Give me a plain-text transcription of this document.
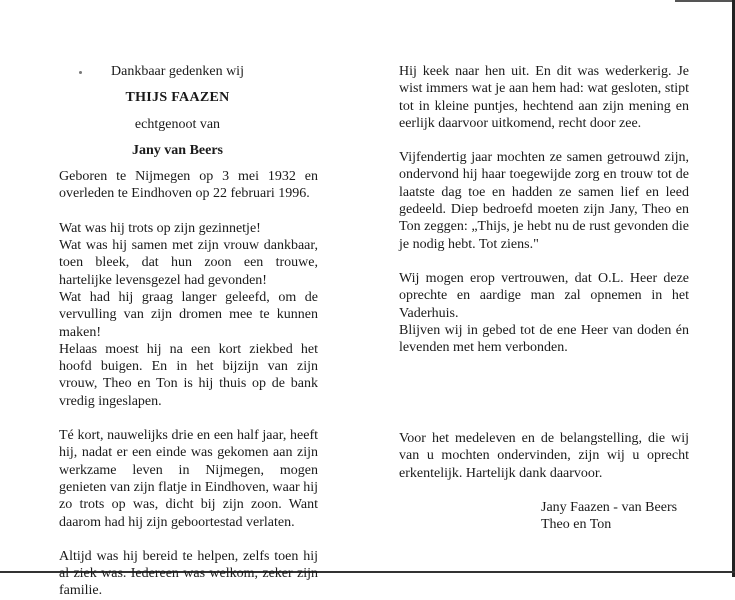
Dankbaar gedenken wij

THIJS FAAZEN

echtgenoot van

Jany van Beers

Geboren te Nijmegen op 3 mei 1932 en overleden te Eindhoven op 22 februari 1996.

Wat was hij trots op zijn gezinnetje!

Wat was hij samen met zijn vrouw dankbaar, toen bleek, dat hun zoon een trouwe, hartelijke levensgezel had gevonden!

Wat had hij graag langer geleefd, om de vervulling van zijn dromen mee te kunnen maken!

Helaas moest hij na een kort ziekbed het hoofd buigen. En in het bijzijn van zijn vrouw, Theo en Ton is hij thuis op de bank vredig ingeslapen.

Té kort, nauwelijks drie en een half jaar, heeft hij, nadat er een einde was gekomen aan zijn werkzame leven in Nijmegen, mogen genieten van zijn flatje in Eindhoven, waar hij zo trots op was, dicht bij zijn zoon. Want daarom had hij zijn geboortestad verlaten.

Altijd was hij bereid te helpen, zelfs toen hij al ziek was. Iedereen was welkom, zeker zijn familie.

Hij keek naar hen uit. En dit was wederkerig. Je wist immers wat je aan hem had: wat gesloten, stipt tot in kleine puntjes, hechtend aan zijn mening en eerlijk daarvoor uitkomend, recht door zee.

Vijfendertig jaar mochten ze samen getrouwd zijn, ondervond hij haar toegewijde zorg en trouw tot de laatste dag toe en hadden ze samen lief en leed gedeeld. Diep bedroefd moeten zijn Jany, Theo en Ton zeggen: „Thijs, je hebt nu de rust gevonden die je nodig hebt. Tot ziens."

Wij mogen erop vertrouwen, dat O.L. Heer deze oprechte en aardige man zal opnemen in het Vaderhuis.

Blijven wij in gebed tot de ene Heer van doden én levenden met hem verbonden.

Voor het medeleven en de belangstelling, die wij van u mochten ondervinden, zijn wij u oprecht erkentelijk. Hartelijk dank daarvoor.

Jany Faazen - van Beers

Theo en Ton
